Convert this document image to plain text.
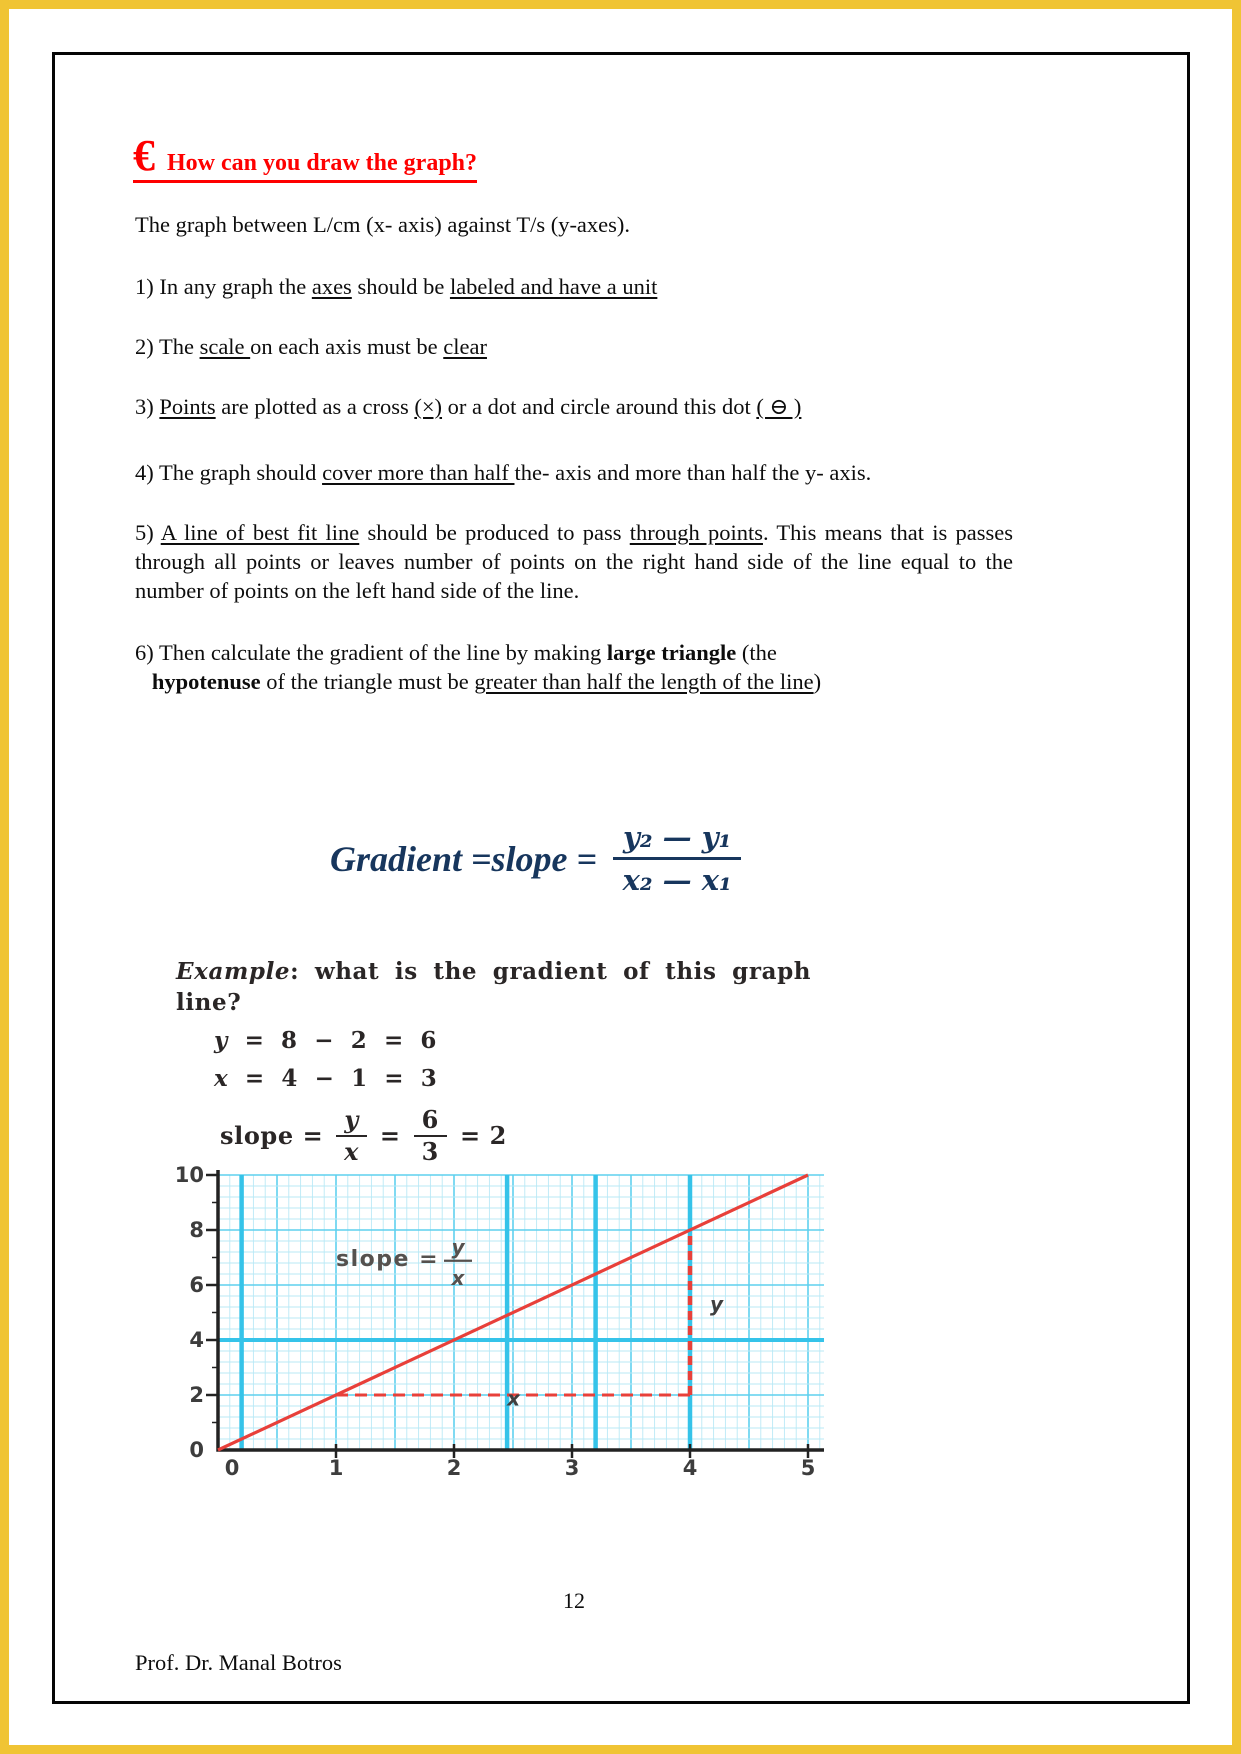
€ How can you draw the graph?
The graph between L/cm (x- axis) against T/s (y-axes).
1) In any graph the axes should be labeled and have a unit
2) The scale on each axis must be clear
3) Points are plotted as a cross (×) or a dot and circle around this dot ( ⊖ )
4) The graph should cover more than half the- axis and more than half the y- axis.
5) A line of best fit line should be produced to pass through points. This means that is passes through all points or leaves number of points on the right hand side of the line equal to the number of points on the left hand side of the line.
6) Then calculate the gradient of the line by making large triangle (the
hypotenuse of the triangle must be greater than half the length of the line)
Gradient =slope = $\frac{\text{y₂ — y₁}}{\text{x₂ — x₁}}$
Example: what is the gradient of this graph
line?
y = 8 − 2 = 6
x = 4 − 1 = 3
slope = $\frac{y}{x} = \frac{6}{3} = 2$
0
2
4
6
8
10
0	1	2	3	4	5
slope = y
x
y
x
12
Prof. Dr. Manal Botros
